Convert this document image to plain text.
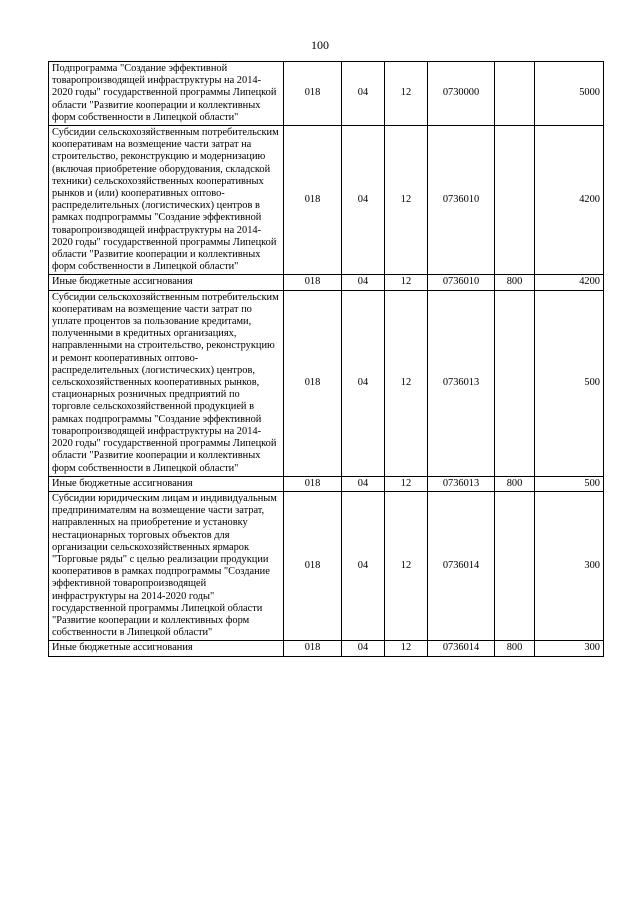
100
Подпрограмма "Создание эффективной товаропроизводящей инфраструктуры на 2014-2020 годы" государственной программы Липецкой области "Развитие кооперации и коллективных форм собственности в Липецкой области"	018	04	12	0730000		5000
Субсидии сельскохозяйственным потребительским кооперативам на возмещение части затрат на строительство, реконструкцию и модернизацию (включая приобретение оборудования, складской техники) сельскохозяйственных кооперативных рынков и (или) кооперативных оптово-распределительных (логистических) центров в рамках подпрограммы "Создание эффективной товаропроизводящей инфраструктуры на 2014-2020 годы" государственной программы Липецкой области "Развитие кооперации и коллективных форм собственности в Липецкой области"	018	04	12	0736010		4200
Иные бюджетные ассигнования	018	04	12	0736010	800	4200
Субсидии сельскохозяйственным потребительским кооперативам на возмещение части затрат по уплате процентов за пользование кредитами, полученными в кредитных организациях, направленными на строительство, реконструкцию и ремонт кооперативных оптово-распределительных (логистических) центров, сельскохозяйственных кооперативных рынков, стационарных розничных предприятий по торговле сельскохозяйственной продукцией в рамках подпрограммы "Создание эффективной товаропроизводящей инфраструктуры на 2014-2020 годы" государственной программы Липецкой области "Развитие кооперации и коллективных форм собственности в Липецкой области"	018	04	12	0736013		500
Иные бюджетные ассигнования	018	04	12	0736013	800	500
Субсидии юридическим лицам и индивидуальным предпринимателям на возмещение части затрат, направленных на приобретение и установку нестационарных торговых объектов для организации сельскохозяйственных ярмарок "Торговые ряды" с целью реализации продукции кооперативов в рамках подпрограммы "Создание эффективной товаропроизводящей инфраструктуры на 2014-2020 годы" государственной программы Липецкой области "Развитие кооперации и коллективных форм собственности в Липецкой области"	018	04	12	0736014		300
Иные бюджетные ассигнования	018	04	12	0736014	800	300
